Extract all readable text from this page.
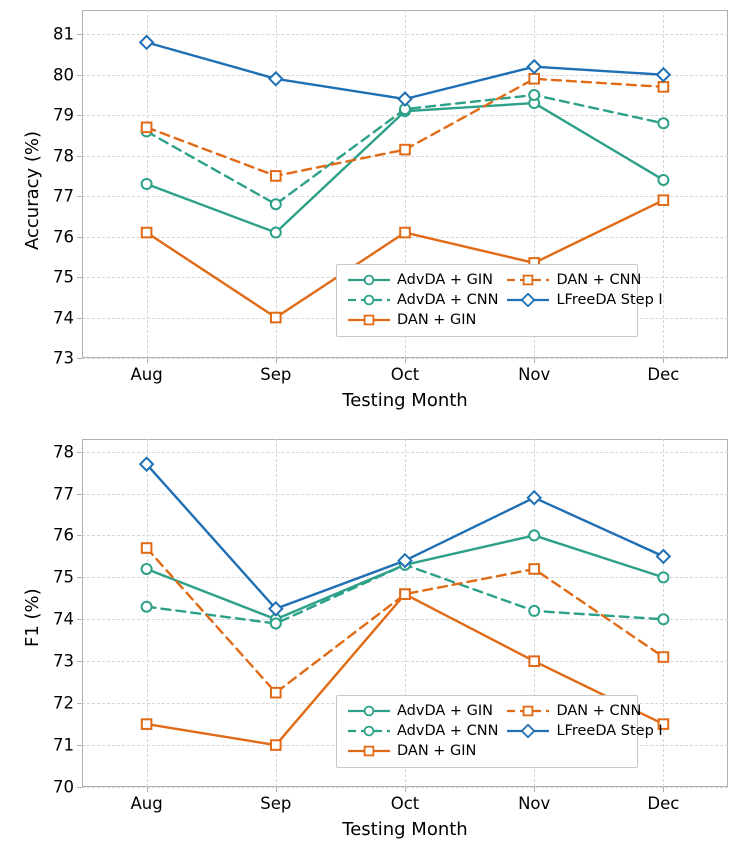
73
74
75
76
77
78
79
80
81
Aug	Sep	Oct	Nov	Dec
Testing Month
Accuracy (%)
AdvDA + GIN	DAN + CNN
AdvDA + CNN	LFreeDA Step I
DAN + GIN
70
71
72
73
74
75
76
77
78
Aug	Sep	Oct	Nov	Dec
Testing Month
F1 (%)
AdvDA + GIN	DAN + CNN
AdvDA + CNN	LFreeDA Step I
DAN + GIN
